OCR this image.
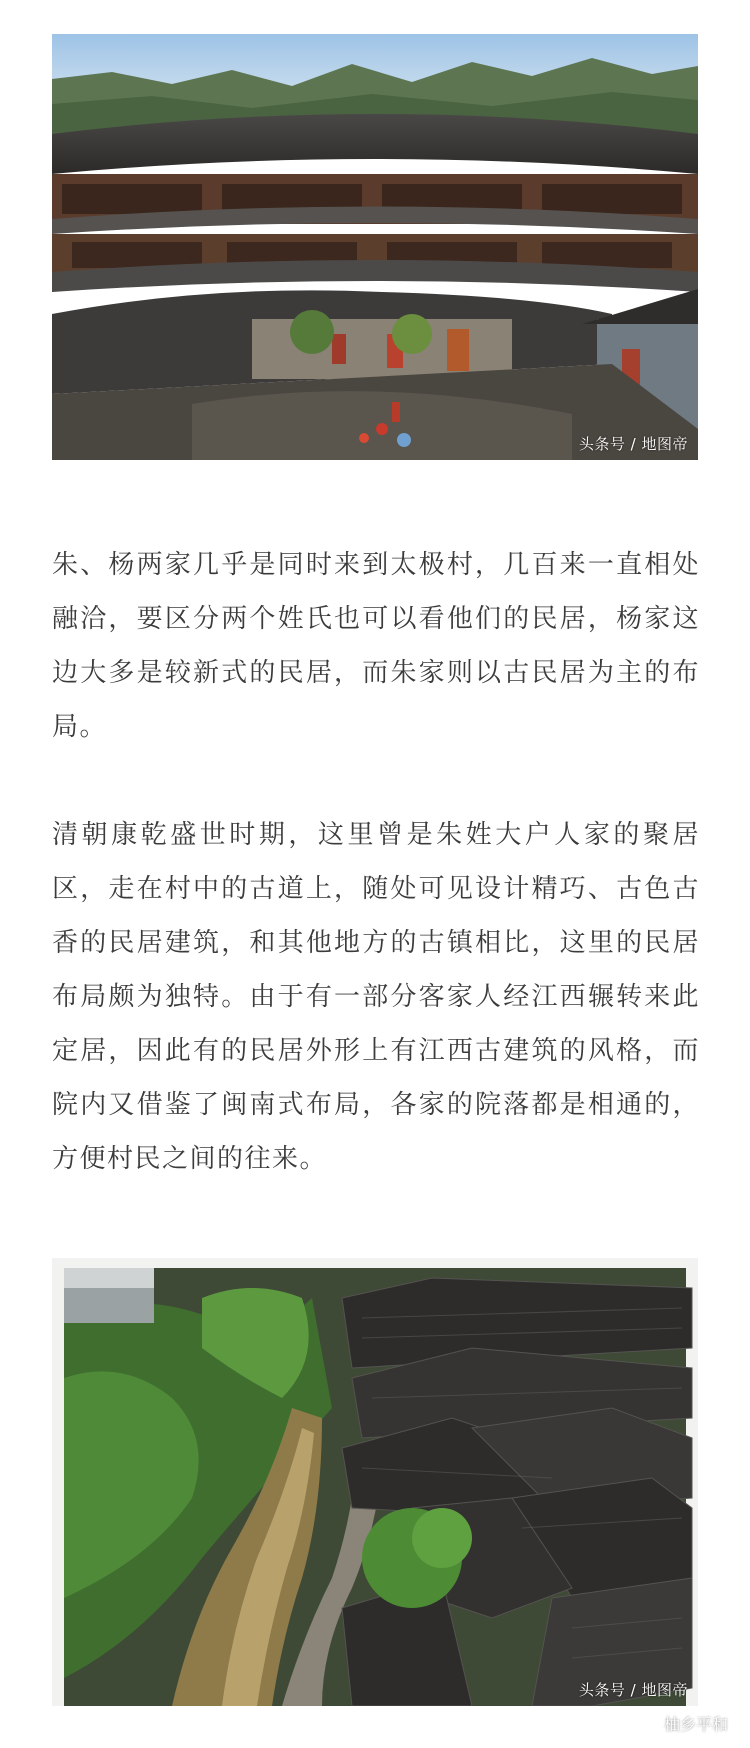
头条号 / 地图帝

朱、杨两家几乎是同时来到太极村，几百来一直相处融洽，要区分两个姓氏也可以看他们的民居，杨家这边大多是较新式的民居，而朱家则以古民居为主的布局。

清朝康乾盛世时期，这里曾是朱姓大户人家的聚居区，走在村中的古道上，随处可见设计精巧、古色古香的民居建筑，和其他地方的古镇相比，这里的民居布局颇为独特。由于有一部分客家人经江西辗转来此定居，因此有的民居外形上有江西古建筑的风格，而院内又借鉴了闽南式布局，各家的院落都是相通的，方便村民之间的往来。

头条号 / 地图帝
柚乡平和
